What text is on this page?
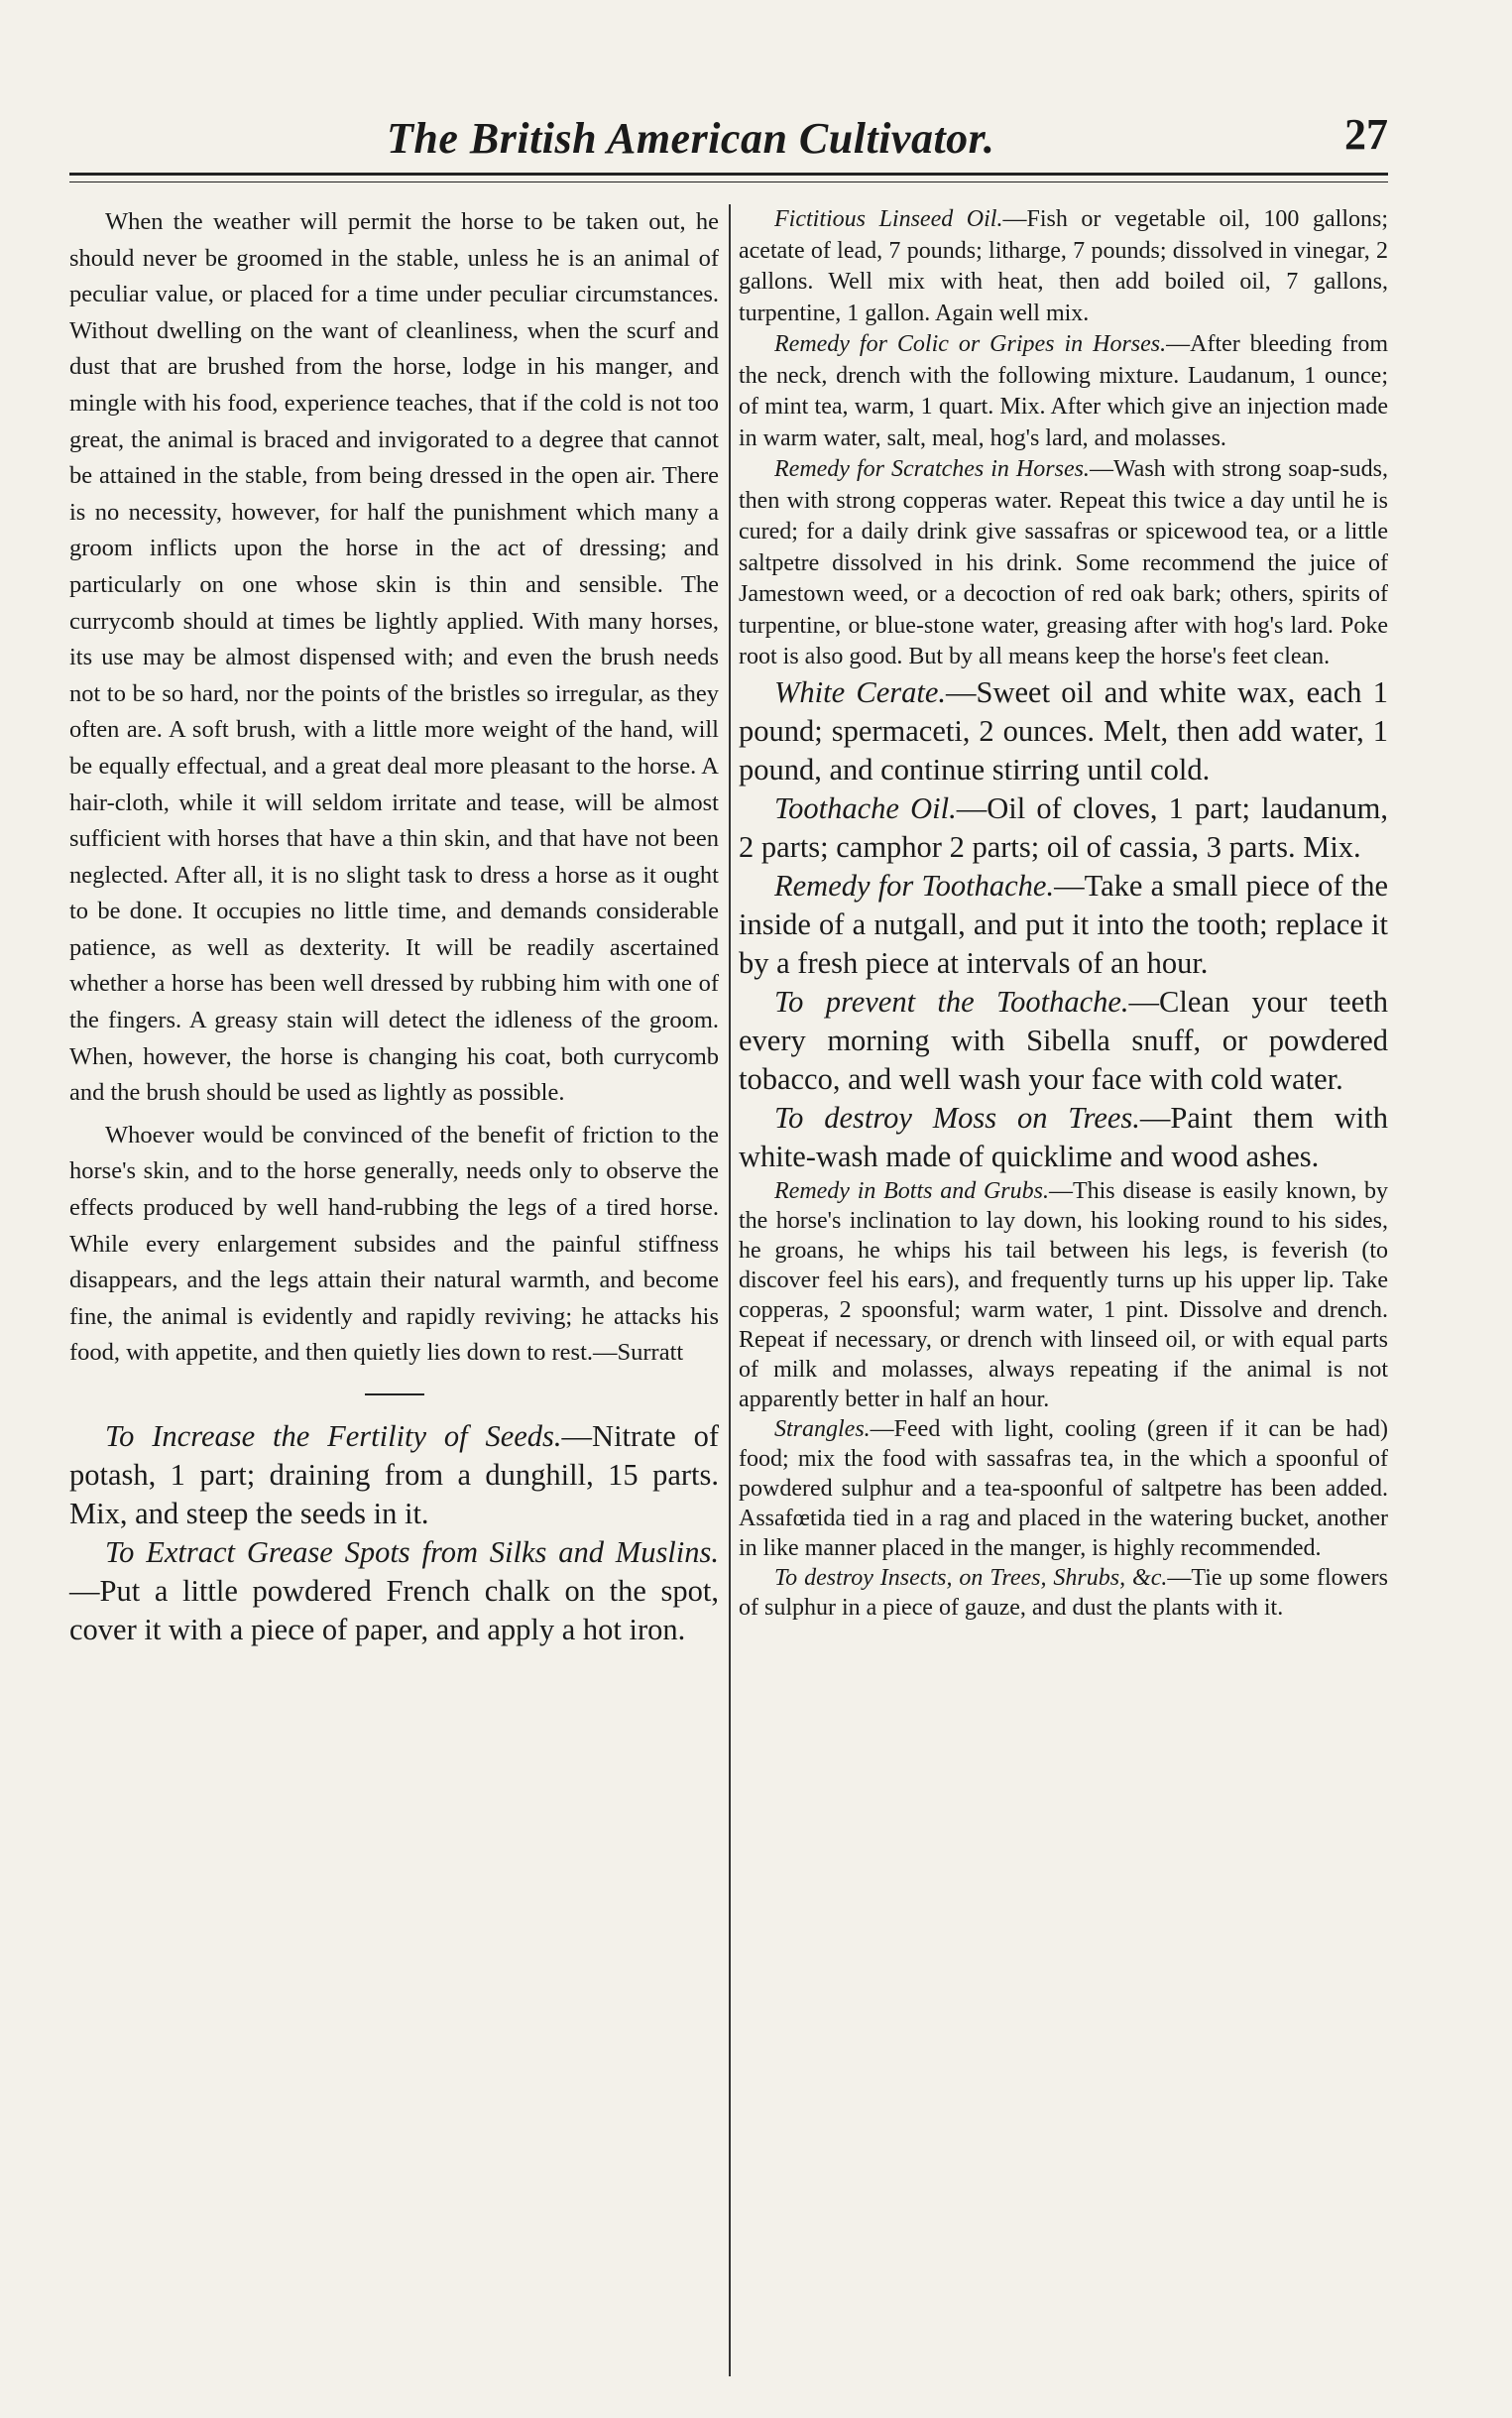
The British American Cultivator.	27

When the weather will permit the horse to be taken out, he should never be groomed in the stable, unless he is an animal of peculiar value, or placed for a time under peculiar circumstances. Without dwelling on the want of cleanliness, when the scurf and dust that are brushed from the horse, lodge in his manger, and mingle with his food, experience teaches, that if the cold is not too great, the animal is braced and invigorated to a degree that cannot be attained in the stable, from being dressed in the open air. There is no necessity, however, for half the punishment which many a groom inflicts upon the horse in the act of dressing; and particularly on one whose skin is thin and sensible. The currycomb should at times be lightly applied. With many horses, its use may be almost dispensed with; and even the brush needs not to be so hard, nor the points of the bristles so irregular, as they often are. A soft brush, with a little more weight of the hand, will be equally effectual, and a great deal more pleasant to the horse. A hair-cloth, while it will seldom irritate and tease, will be almost sufficient with horses that have a thin skin, and that have not been neglected. After all, it is no slight task to dress a horse as it ought to be done. It occupies no little time, and demands considerable patience, as well as dexterity. It will be readily ascertained whether a horse has been well dressed by rubbing him with one of the fingers. A greasy stain will detect the idleness of the groom. When, however, the horse is changing his coat, both currycomb and the brush should be used as lightly as possible.

Whoever would be convinced of the benefit of friction to the horse's skin, and to the horse generally, needs only to observe the effects produced by well hand-rubbing the legs of a tired horse. While every enlargement subsides and the painful stiffness disappears, and the legs attain their natural warmth, and become fine, the animal is evidently and rapidly reviving; he attacks his food, with appetite, and then quietly lies down to rest.—Surratt

To Increase the Fertility of Seeds.—Nitrate of potash, 1 part; draining from a dunghill, 15 parts. Mix, and steep the seeds in it.

To Extract Grease Spots from Silks and Muslins.—Put a little powdered French chalk on the spot, cover it with a piece of paper, and apply a hot iron.

Fictitious Linseed Oil.—Fish or vegetable oil, 100 gallons; acetate of lead, 7 pounds; litharge, 7 pounds; dissolved in vinegar, 2 gallons. Well mix with heat, then add boiled oil, 7 gallons, turpentine, 1 gallon. Again well mix.

Remedy for Colic or Gripes in Horses.—After bleeding from the neck, drench with the following mixture. Laudanum, 1 ounce; of mint tea, warm, 1 quart. Mix. After which give an injection made in warm water, salt, meal, hog's lard, and molasses.

Remedy for Scratches in Horses.—Wash with strong soap-suds, then with strong copperas water. Repeat this twice a day until he is cured; for a daily drink give sassafras or spicewood tea, or a little saltpetre dissolved in his drink. Some recommend the juice of Jamestown weed, or a decoction of red oak bark; others, spirits of turpentine, or blue-stone water, greasing after with hog's lard. Poke root is also good. But by all means keep the horse's feet clean.

White Cerate.—Sweet oil and white wax, each 1 pound; spermaceti, 2 ounces. Melt, then add water, 1 pound, and continue stirring until cold.

Toothache Oil.—Oil of cloves, 1 part; laudanum, 2 parts; camphor 2 parts; oil of cassia, 3 parts. Mix.

Remedy for Toothache.—Take a small piece of the inside of a nutgall, and put it into the tooth; replace it by a fresh piece at intervals of an hour.

To prevent the Toothache.—Clean your teeth every morning with Sibella snuff, or powdered tobacco, and well wash your face with cold water.

To destroy Moss on Trees.—Paint them with white-wash made of quicklime and wood ashes.

Remedy in Botts and Grubs.—This disease is easily known, by the horse's inclination to lay down, his looking round to his sides, he groans, he whips his tail between his legs, is feverish (to discover feel his ears), and frequently turns up his upper lip. Take copperas, 2 spoonsful; warm water, 1 pint. Dissolve and drench. Repeat if necessary, or drench with linseed oil, or with equal parts of milk and molasses, always repeating if the animal is not apparently better in half an hour.

Strangles.—Feed with light, cooling (green if it can be had) food; mix the food with sassafras tea, in the which a spoonful of powdered sulphur and a tea-spoonful of saltpetre has been added. Assafœtida tied in a rag and placed in the watering bucket, another in like manner placed in the manger, is highly recommended.

To destroy Insects, on Trees, Shrubs, &c.—Tie up some flowers of sulphur in a piece of gauze, and dust the plants with it.
